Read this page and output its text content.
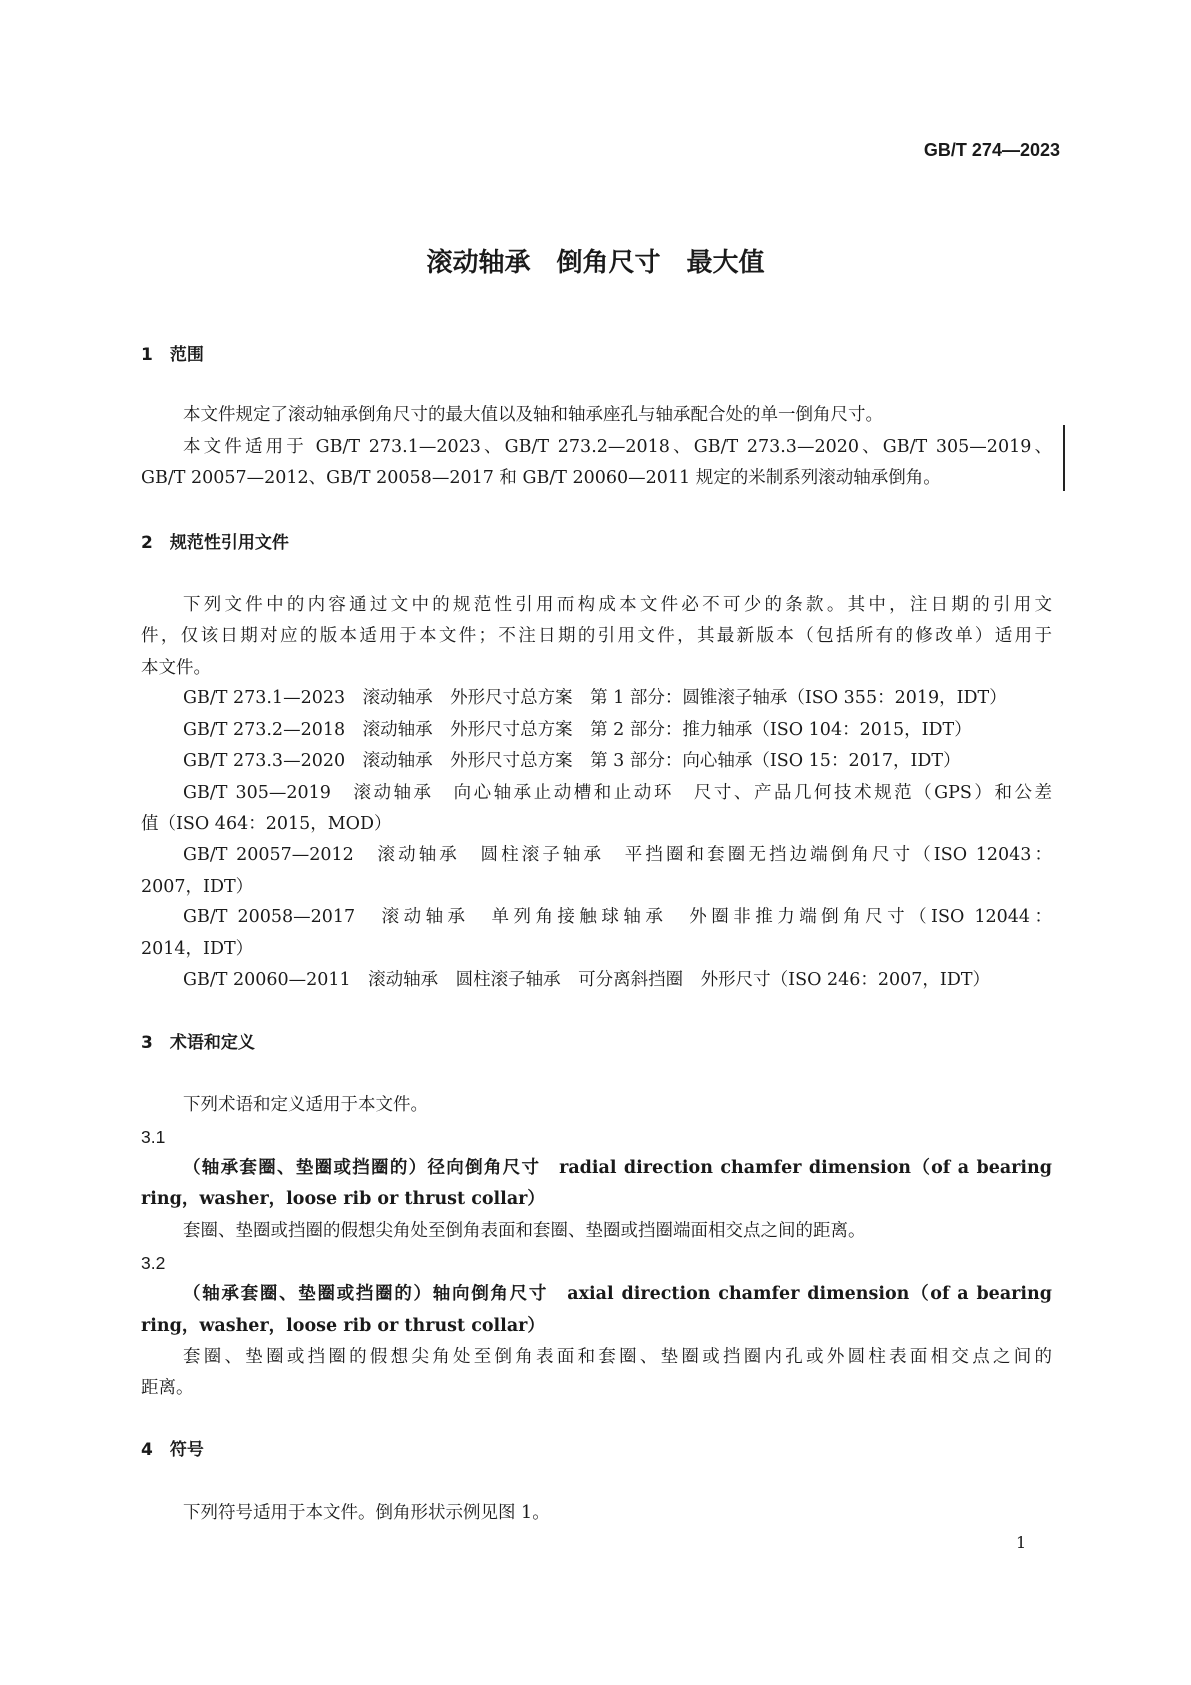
GB/T 274—2023
滚动轴承　倒角尺寸　最大值
1　范围
本文件规定了滚动轴承倒角尺寸的最大值以及轴和轴承座孔与轴承配合处的单一倒角尺寸。
本文件适用于 GB/T 273.1—2023、GB/T 273.2—2018、GB/T 273.3—2020、GB/T 305—2019、
GB/T 20057—2012、GB/T 20058—2017 和 GB/T 20060—2011 规定的米制系列滚动轴承倒角。
2　规范性引用文件
下列文件中的内容通过文中的规范性引用而构成本文件必不可少的条款。其中，注日期的引用文
件，仅该日期对应的版本适用于本文件；不注日期的引用文件，其最新版本（包括所有的修改单）适用于
本文件。
GB/T 273.1—2023　滚动轴承　外形尺寸总方案　第 1 部分：圆锥滚子轴承（ISO 355：2019，IDT）
GB/T 273.2—2018　滚动轴承　外形尺寸总方案　第 2 部分：推力轴承（ISO 104：2015，IDT）
GB/T 273.3—2020　滚动轴承　外形尺寸总方案　第 3 部分：向心轴承（ISO 15：2017，IDT）
GB/T 305—2019　滚动轴承　向心轴承止动槽和止动环　尺寸、产品几何技术规范（GPS）和公差
值（ISO 464：2015，MOD）
GB/T 20057—2012　滚动轴承　圆柱滚子轴承　平挡圈和套圈无挡边端倒角尺寸（ISO 12043：
2007，IDT）
GB/T 20058—2017　滚动轴承　单列角接触球轴承　外圈非推力端倒角尺寸（ISO 12044：
2014，IDT）
GB/T 20060—2011　滚动轴承　圆柱滚子轴承　可分离斜挡圈　外形尺寸（ISO 246：2007，IDT）
3　术语和定义
下列术语和定义适用于本文件。
3.1
（轴承套圈、垫圈或挡圈的）径向倒角尺寸　radial direction chamfer dimension（of a bearing
ring，washer，loose rib or thrust collar）
套圈、垫圈或挡圈的假想尖角处至倒角表面和套圈、垫圈或挡圈端面相交点之间的距离。
3.2
（轴承套圈、垫圈或挡圈的）轴向倒角尺寸　axial direction chamfer dimension（of a bearing
ring，washer，loose rib or thrust collar）
套圈、垫圈或挡圈的假想尖角处至倒角表面和套圈、垫圈或挡圈内孔或外圆柱表面相交点之间的
距离。
4　符号
下列符号适用于本文件。倒角形状示例见图 1。
1
